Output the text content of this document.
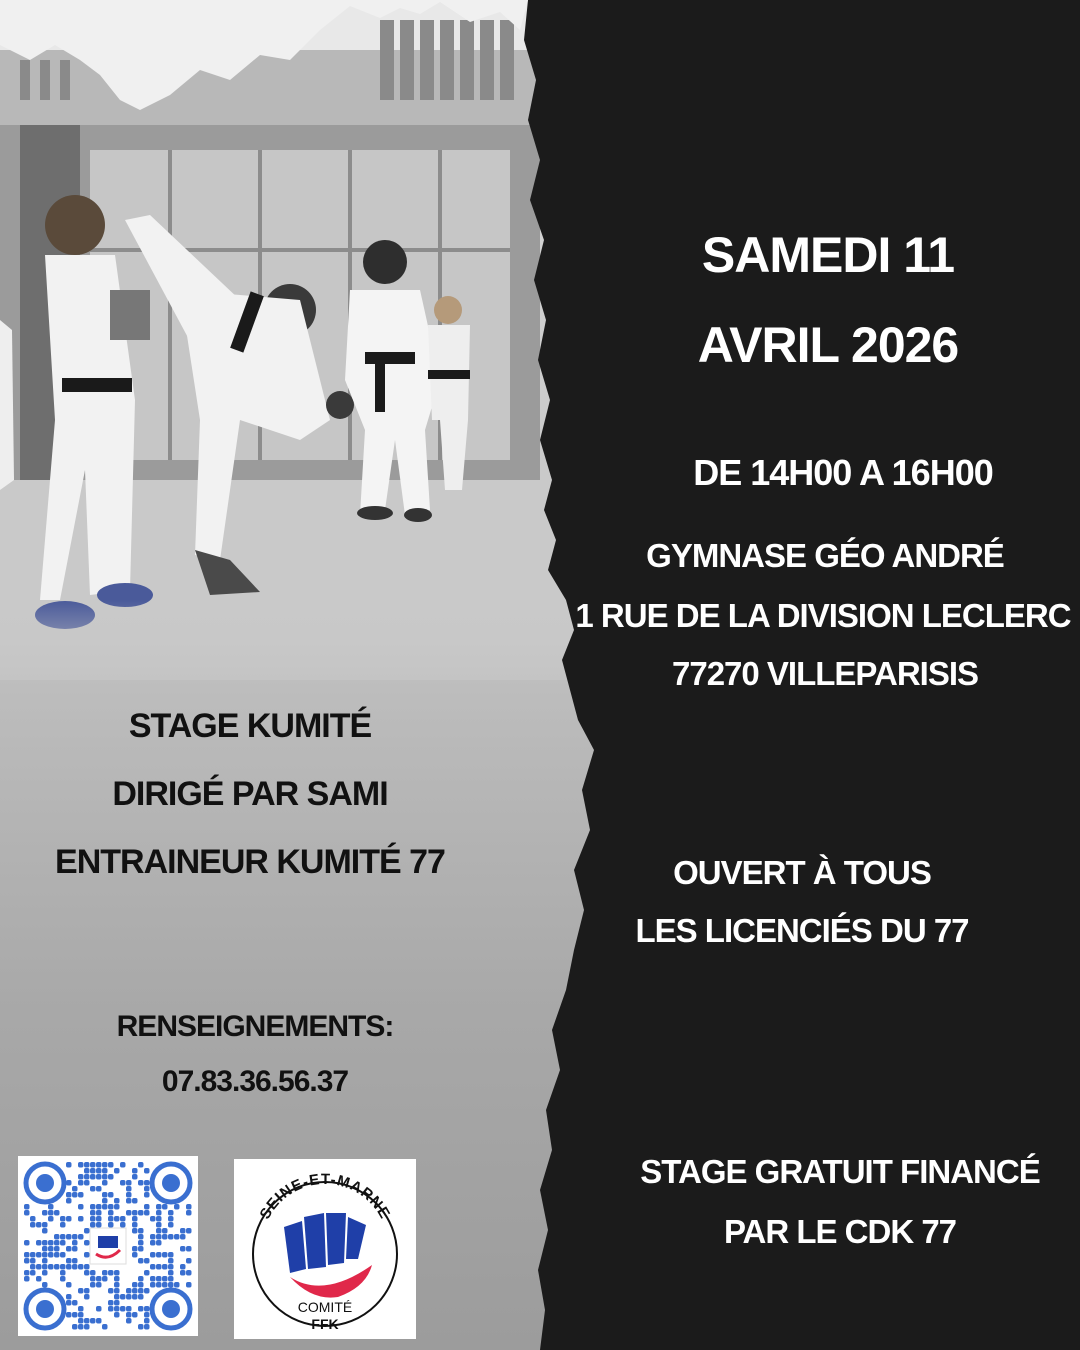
SAMEDI 11
AVRIL 2026
DE 14H00 A 16H00
GYMNASE GÉO ANDRÉ
1 RUE DE LA DIVISION LECLERC
77270 VILLEPARISIS
OUVERT À TOUS
LES LICENCIÉS DU 77
STAGE GRATUIT FINANCÉ
PAR LE CDK 77
STAGE KUMITÉ
DIRIGÉ PAR SAMI
ENTRAINEUR KUMITÉ 77
RENSEIGNEMENTS:
07.83.36.56.37
SEINE-ET-MARNE
COMITÉ
FFK
